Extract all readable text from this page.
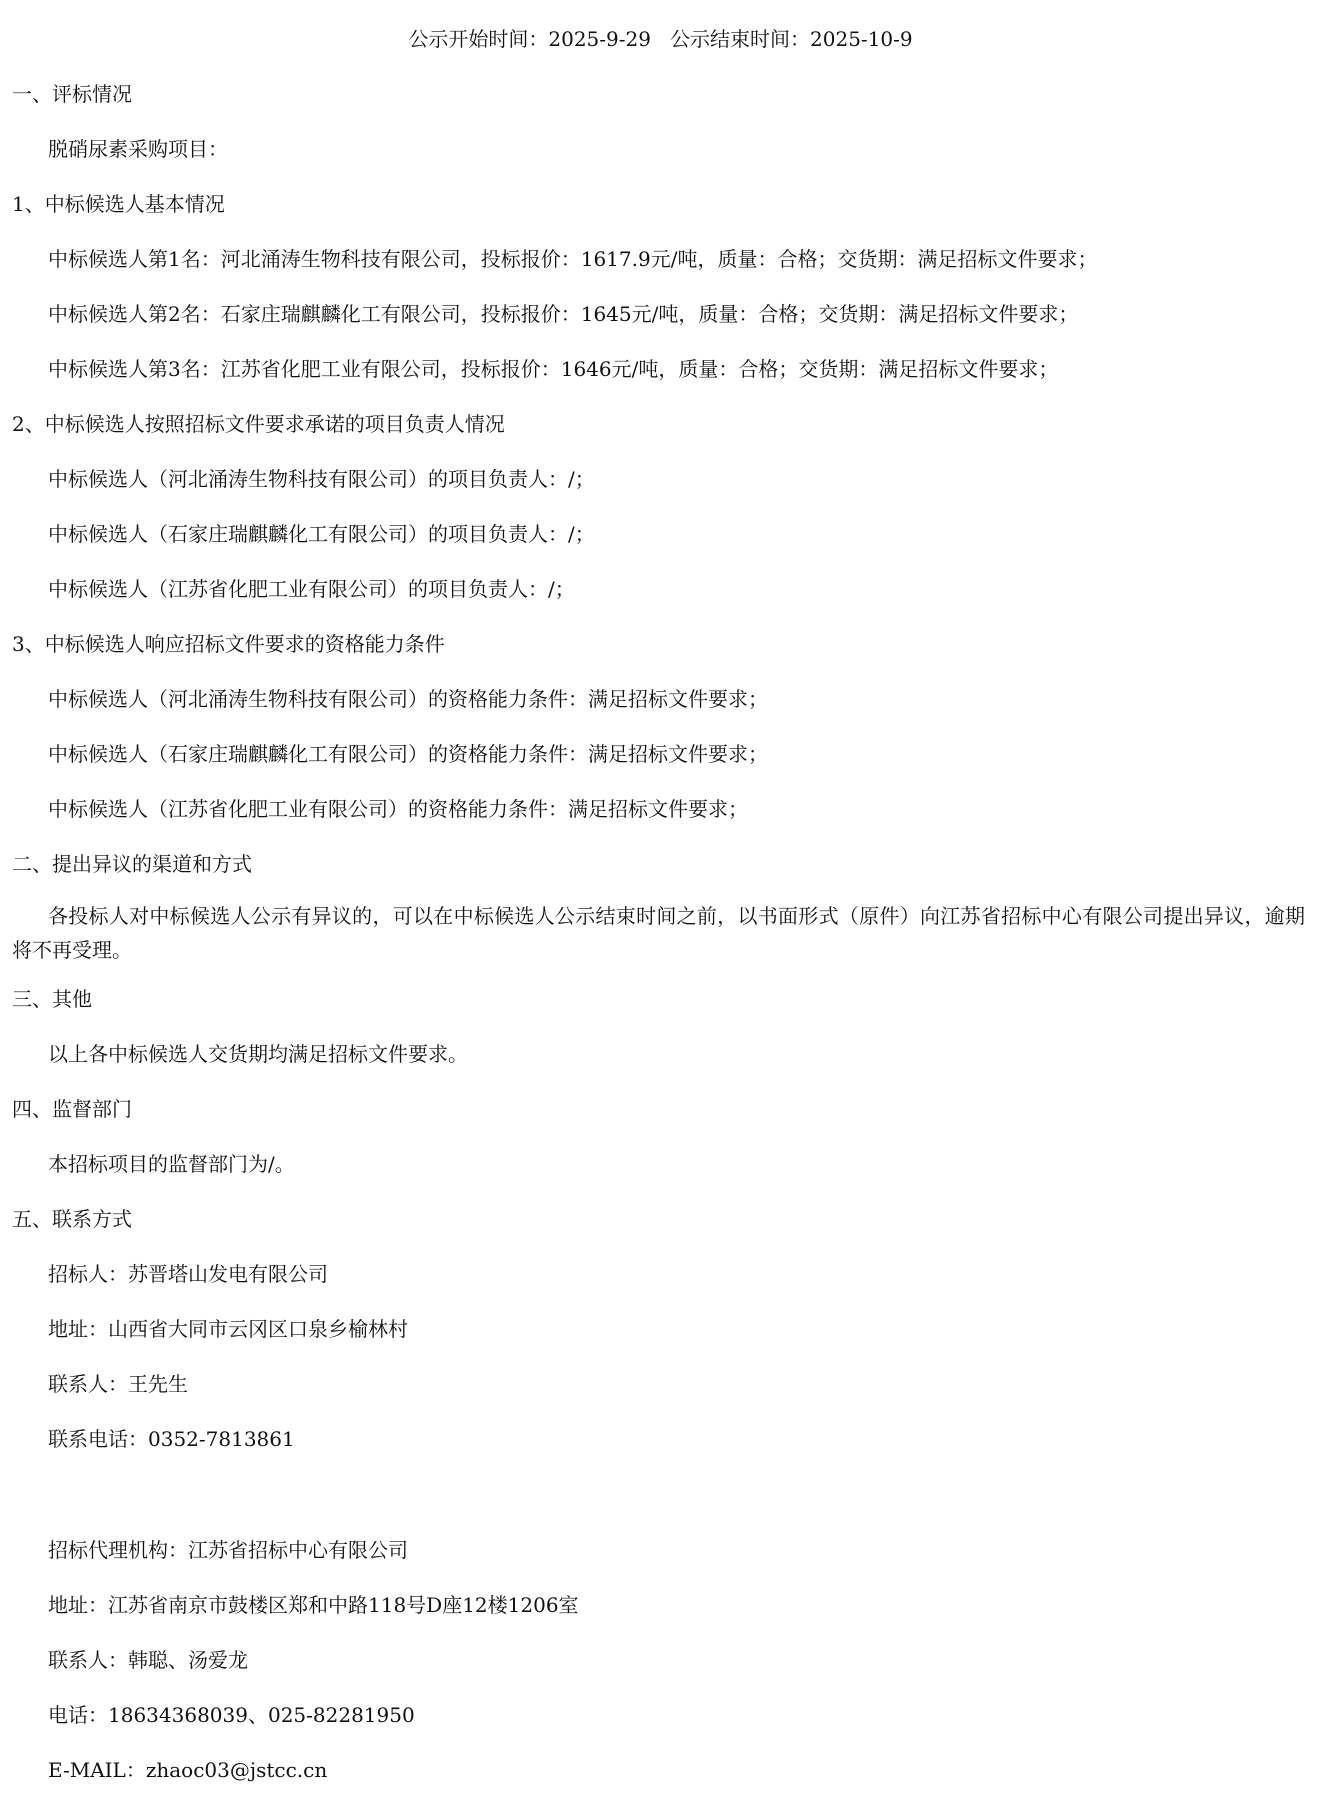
公示开始时间：2025-9-29   公示结束时间：2025-10-9
一、评标情况
脱硝尿素采购项目：
1、中标候选人基本情况
中标候选人第1名：河北涌涛生物科技有限公司，投标报价：1617.9元/吨，质量：合格；交货期：满足招标文件要求；
中标候选人第2名：石家庄瑞麒麟化工有限公司，投标报价：1645元/吨，质量：合格；交货期：满足招标文件要求；
中标候选人第3名：江苏省化肥工业有限公司，投标报价：1646元/吨，质量：合格；交货期：满足招标文件要求；
2、中标候选人按照招标文件要求承诺的项目负责人情况
中标候选人（河北涌涛生物科技有限公司）的项目负责人：/；
中标候选人（石家庄瑞麒麟化工有限公司）的项目负责人：/；
中标候选人（江苏省化肥工业有限公司）的项目负责人：/；
3、中标候选人响应招标文件要求的资格能力条件
中标候选人（河北涌涛生物科技有限公司）的资格能力条件：满足招标文件要求；
中标候选人（石家庄瑞麒麟化工有限公司）的资格能力条件：满足招标文件要求；
中标候选人（江苏省化肥工业有限公司）的资格能力条件：满足招标文件要求；
二、提出异议的渠道和方式
各投标人对中标候选人公示有异议的，可以在中标候选人公示结束时间之前，以书面形式（原件）向江苏省招标中心有限公司提出异议，逾期将不再受理。
三、其他
以上各中标候选人交货期均满足招标文件要求。
四、监督部门
本招标项目的监督部门为/。
五、联系方式
招标人：苏晋塔山发电有限公司
地址：山西省大同市云冈区口泉乡榆林村
联系人：王先生
联系电话：0352-7813861
招标代理机构：江苏省招标中心有限公司
地址：江苏省南京市鼓楼区郑和中路118号D座12楼1206室
联系人：韩聪、汤爱龙
电话：18634368039、025-82281950
E-MAIL：zhaoc03@jstcc.cn
